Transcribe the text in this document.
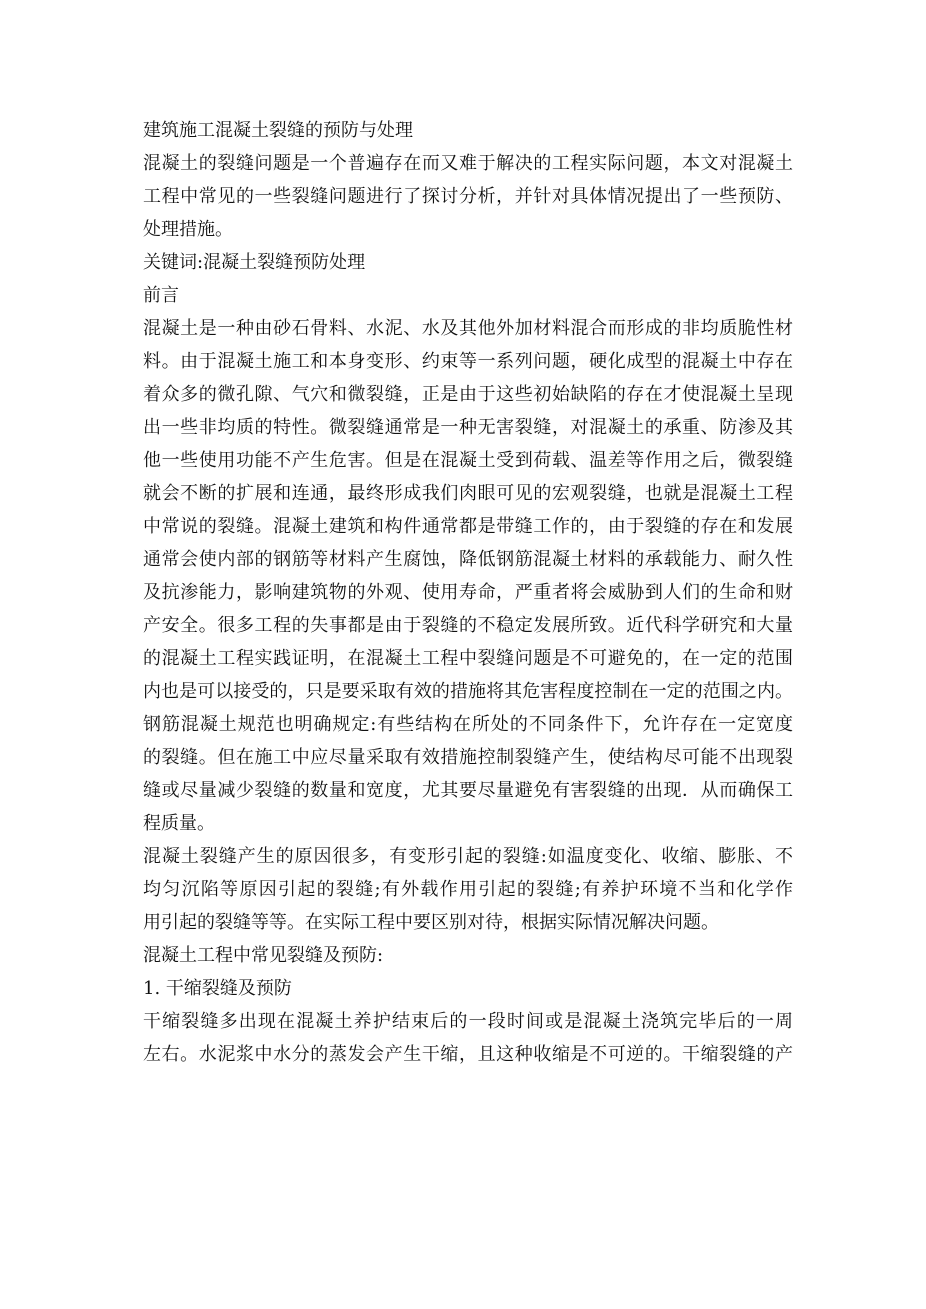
建筑施工混凝土裂缝的预防与处理
混凝土的裂缝问题是一个普遍存在而又难于解决的工程实际问题，本文对混凝土
工程中常见的一些裂缝问题进行了探讨分析，并针对具体情况提出了一些预防、
处理措施。
关键词:混凝土裂缝预防处理
前言
混凝土是一种由砂石骨料、水泥、水及其他外加材料混合而形成的非均质脆性材
料。由于混凝土施工和本身变形、约束等一系列问题，硬化成型的混凝土中存在
着众多的微孔隙、气穴和微裂缝，正是由于这些初始缺陷的存在才使混凝土呈现
出一些非均质的特性。微裂缝通常是一种无害裂缝，对混凝土的承重、防渗及其
他一些使用功能不产生危害。但是在混凝土受到荷载、温差等作用之后，微裂缝
就会不断的扩展和连通，最终形成我们肉眼可见的宏观裂缝，也就是混凝土工程
中常说的裂缝。混凝土建筑和构件通常都是带缝工作的，由于裂缝的存在和发展
通常会使内部的钢筋等材料产生腐蚀，降低钢筋混凝土材料的承载能力、耐久性
及抗渗能力，影响建筑物的外观、使用寿命，严重者将会威胁到人们的生命和财
产安全。很多工程的失事都是由于裂缝的不稳定发展所致。近代科学研究和大量
的混凝土工程实践证明，在混凝土工程中裂缝问题是不可避免的，在一定的范围
内也是可以接受的，只是要采取有效的措施将其危害程度控制在一定的范围之内。
钢筋混凝土规范也明确规定:有些结构在所处的不同条件下，允许存在一定宽度
的裂缝。但在施工中应尽量采取有效措施控制裂缝产生，使结构尽可能不出现裂
缝或尽量减少裂缝的数量和宽度，尤其要尽量避免有害裂缝的出现．从而确保工
程质量。
混凝土裂缝产生的原因很多，有变形引起的裂缝:如温度变化、收缩、膨胀、不
均匀沉陷等原因引起的裂缝;有外载作用引起的裂缝;有养护环境不当和化学作
用引起的裂缝等等。在实际工程中要区别对待，根据实际情况解决问题。
混凝土工程中常见裂缝及预防:
1. 干缩裂缝及预防
干缩裂缝多出现在混凝土养护结束后的一段时间或是混凝土浇筑完毕后的一周
左右。水泥浆中水分的蒸发会产生干缩，且这种收缩是不可逆的。干缩裂缝的产
